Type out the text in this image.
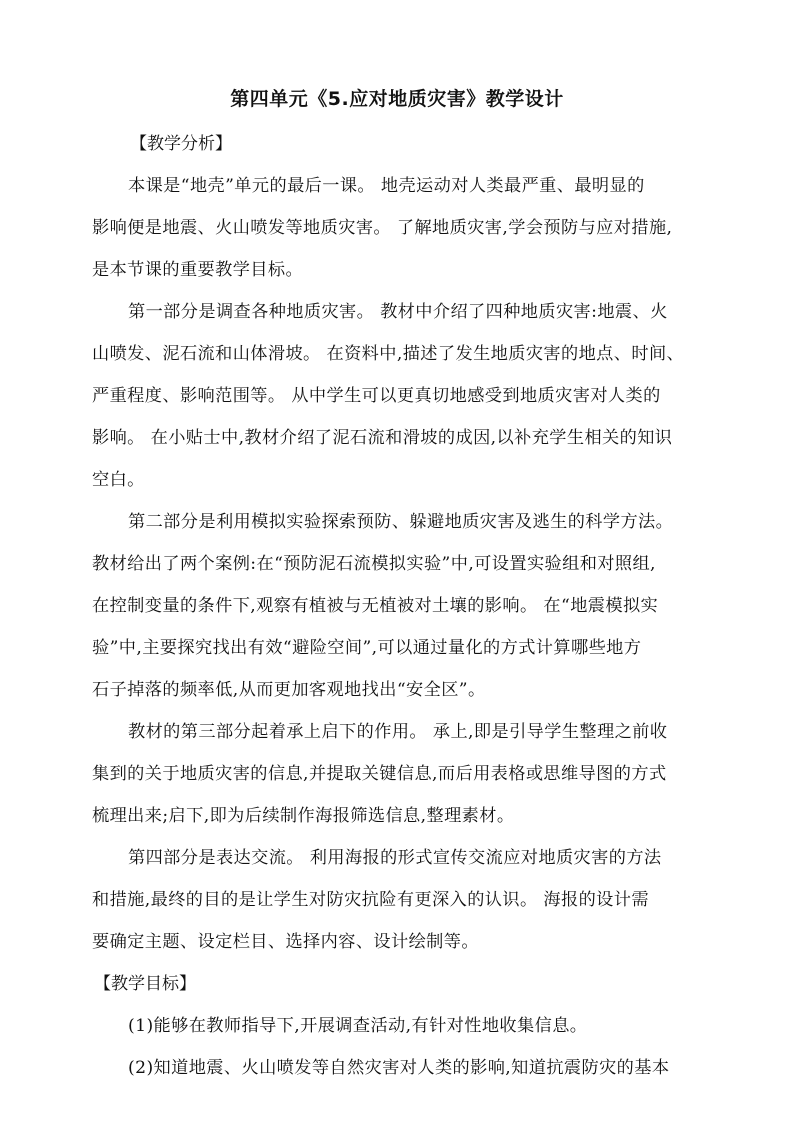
第四单元《5.应对地质灾害》教学设计
【教学分析】
本课是“地壳”单元的最后一课。 地壳运动对人类最严重、最明显的
影响便是地震、火山喷发等地质灾害。 了解地质灾害,学会预防与应对措施,
是本节课的重要教学目标。
第一部分是调查各种地质灾害。 教材中介绍了四种地质灾害:地震、火
山喷发、泥石流和山体滑坡。 在资料中,描述了发生地质灾害的地点、时间、
严重程度、影响范围等。 从中学生可以更真切地感受到地质灾害对人类的
影响。 在小贴士中,教材介绍了泥石流和滑坡的成因,以补充学生相关的知识
空白。
第二部分是利用模拟实验探索预防、躲避地质灾害及逃生的科学方法。
教材给出了两个案例:在“预防泥石流模拟实验”中,可设置实验组和对照组,
在控制变量的条件下,观察有植被与无植被对土壤的影响。 在“地震模拟实
验”中,主要探究找出有效“避险空间”,可以通过量化的方式计算哪些地方
石子掉落的频率低,从而更加客观地找出“安全区”。
教材的第三部分起着承上启下的作用。 承上,即是引导学生整理之前收
集到的关于地质灾害的信息,并提取关键信息,而后用表格或思维导图的方式
梳理出来;启下,即为后续制作海报筛选信息,整理素材。
第四部分是表达交流。 利用海报的形式宣传交流应对地质灾害的方法
和措施,最终的目的是让学生对防灾抗险有更深入的认识。 海报的设计需
要确定主题、设定栏目、选择内容、设计绘制等。
【教学目标】
(1)能够在教师指导下,开展调查活动,有针对性地收集信息。
(2)知道地震、火山喷发等自然灾害对人类的影响,知道抗震防灾的基本
